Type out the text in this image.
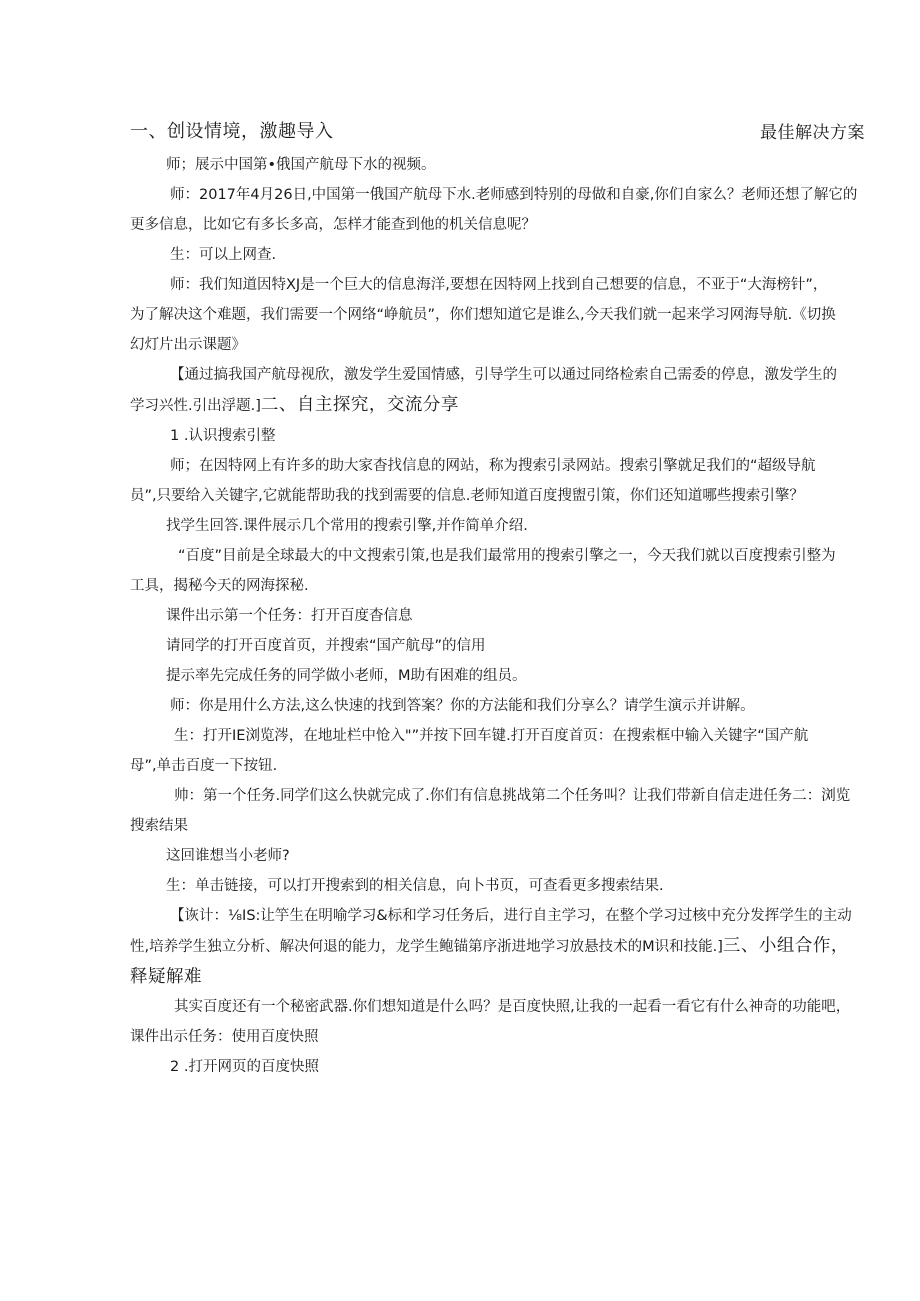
一、创设情境，激趣导入	最佳解决方案

师；展示中国第•俄国产航母下水的视频。

师：2017年4月26日,中国第一俄国产航母下水.老师感到特别的母做和自豪,你们自家么？老师还想了解它的
更多信息，比如它有多长多高，怎样才能查到他的机关信息呢？

生：可以上网查.

师：我们知道因特XJ是一个巨大的信息海洋,要想在因特网上找到自己想要的信息，不亚于“大海榜针”，
为了解决这个难题，我们需要一个网络“峥航员”，你们想知道它是谁么,今天我们就一起来学习网海导航.《切换
幻灯片出示课题》

【通过搞我国产航母视欣，激发学生爱国情感，引导学生可以通过同络检索自己需委的停息，激发学生的
学习兴性.引出浮题.]二、自主探究，交流分享

1 .认识搜索引整

师；在因特网上有许多的助大家杳找信息的网站，称为搜索引录网站。搜索引擎就足我们的“超级导航
员”,只要给入关键字,它就能帮助我的找到需要的信息.老师知道百度搜盥引策，你们还知道哪些搜索引擎？

找学生回答.课件展示几个常用的搜索引擎,并作简单介绍.

“百度”目前是全球最大的中文搜索引策,也是我们最常用的搜索引擎之一，今天我们就以百度搜索引整为
工具，揭秘今天的网海探秘.

课件出示第一个任务：打开百度杳信息

请同学的打开百度首页，并搜索“国产航母”的信用

提示率先完成任务的同学做小老师，M助有困难的组员。

师：你是用什么方法,这么快速的找到答案？你的方法能和我们分享么？请学生演示并讲解。

生：打开IE浏览涔，在地址栏中怆入"”并按下回车键.打开百度首页：在搜索框中输入关键字“国产航
母”,单击百度一下按钮.

帅：第一个任务.同学们这么快就完成了.你们有信息挑战第二个任务叫？让我们带新自信走进任务二：浏览
搜索结果

这回谁想当小老师?

生：单击链接，可以打开搜索到的相关信息，向卜书页，可查看更多搜索结果.

【诙计：⅛IS:让竽生在明喻学习&标和学习任务后，进行自主学习，在整个学习过核中充分发挥学生的主动
性,培养学生独立分析、解决何退的能力，龙学生鲍锚第序浙进地学习放悬技术的M识和技能.]三、小组合作，
释疑解难

其实百度还有一个秘密武器.你们想知道是什么吗？是百度快照,让我的一起看一看它有什么神奇的功能吧，
课件出示任务：使用百度快照

2 .打开网页的百度快照
